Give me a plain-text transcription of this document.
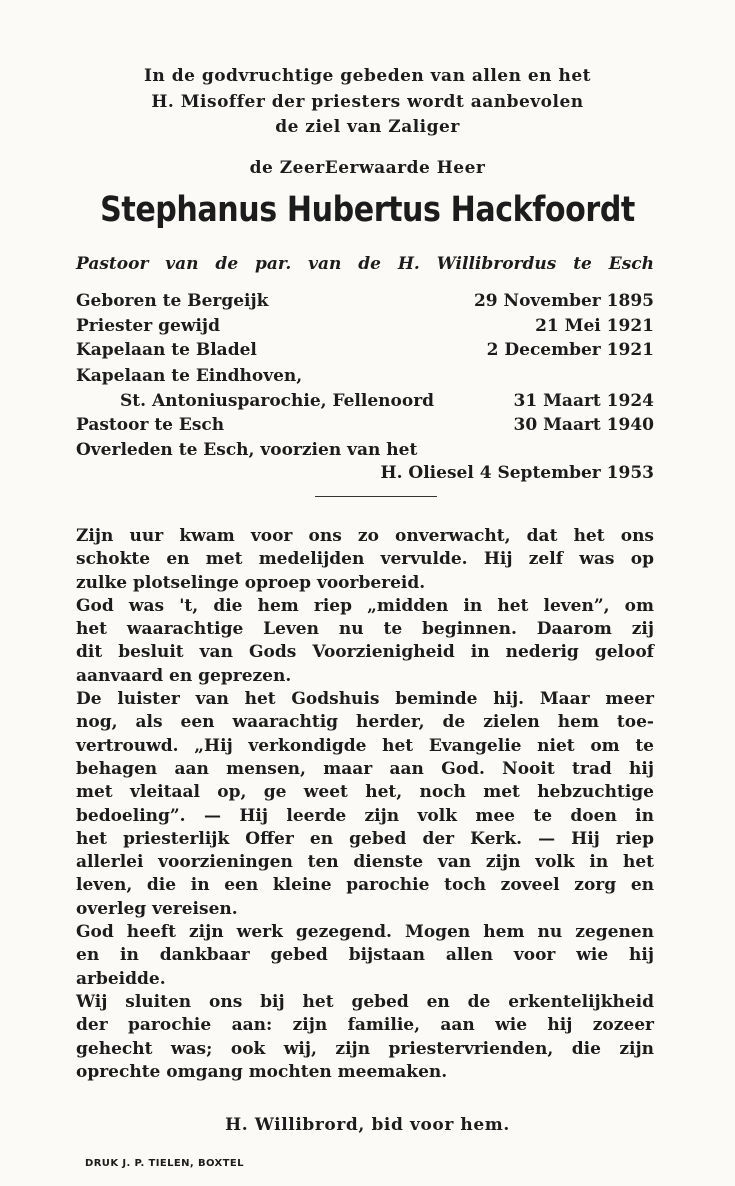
In de godvruchtige gebeden van allen en het
H. Misoffer der priesters wordt aanbevolen
de ziel van Zaliger
de ZeerEerwaarde Heer
Stephanus Hubertus Hackfoordt
Pastoor van de par. van de H. Willibrordus te Esch
Geboren te Bergeijk	29 November 1895
Priester gewijd	21 Mei 1921
Kapelaan te Bladel	2 December 1921
Kapelaan te Eindhoven,
St. Antoniusparochie, Fellenoord	31 Maart 1924
Pastoor te Esch	30 Maart 1940
Overleden te Esch, voorzien van het
H. Oliesel 4 September 1953
Zijn uur kwam voor ons zo onverwacht, dat het ons
schokte en met medelijden vervulde. Hij zelf was op
zulke plotselinge oproep voorbereid.
God was 't, die hem riep „midden in het leven”, om
het waarachtige Leven nu te beginnen. Daarom zij
dit besluit van Gods Voorzienigheid in nederig geloof
aanvaard en geprezen.
De luister van het Godshuis beminde hij. Maar meer
nog, als een waarachtig herder, de zielen hem toe-
vertrouwd. „Hij verkondigde het Evangelie niet om te
behagen aan mensen, maar aan God. Nooit trad hij
met vleitaal op, ge weet het, noch met hebzuchtige
bedoeling”. — Hij leerde zijn volk mee te doen in
het priesterlijk Offer en gebed der Kerk. — Hij riep
allerlei voorzieningen ten dienste van zijn volk in het
leven, die in een kleine parochie toch zoveel zorg en
overleg vereisen.
God heeft zijn werk gezegend. Mogen hem nu zegenen
en in dankbaar gebed bijstaan allen voor wie hij
arbeidde.
Wij sluiten ons bij het gebed en de erkentelijkheid
der parochie aan: zijn familie, aan wie hij zozeer
gehecht was; ook wij, zijn priestervrienden, die zijn
oprechte omgang mochten meemaken.
H. Willibrord, bid voor hem.
DRUK J. P. TIELEN, BOXTEL
